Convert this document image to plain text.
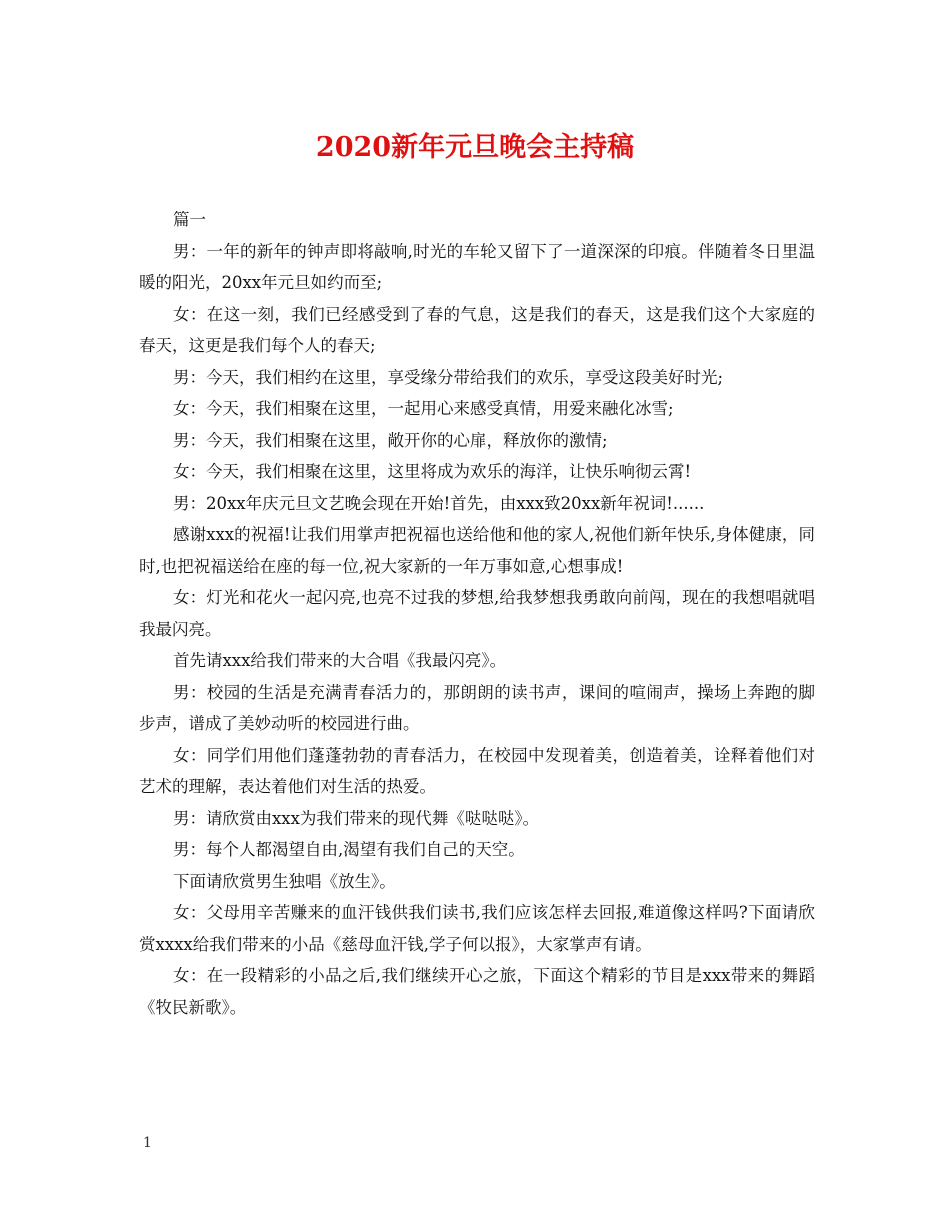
2020新年元旦晚会主持稿

篇一

男：一年的新年的钟声即将敲响,时光的车轮又留下了一道深深的印痕。伴随着冬日里温暖的阳光，20xx年元旦如约而至;

女：在这一刻，我们已经感受到了春的气息，这是我们的春天，这是我们这个大家庭的春天，这更是我们每个人的春天;

男：今天，我们相约在这里，享受缘分带给我们的欢乐，享受这段美好时光;

女：今天，我们相聚在这里，一起用心来感受真情，用爱来融化冰雪;

男：今天，我们相聚在这里，敞开你的心扉，释放你的激情;

女：今天，我们相聚在这里，这里将成为欢乐的海洋，让快乐响彻云霄!

男：20xx年庆元旦文艺晚会现在开始!首先，由xxx致20xx新年祝词!......

感谢xxx的祝福!让我们用掌声把祝福也送给他和他的家人,祝他们新年快乐,身体健康，同时,也把祝福送给在座的每一位,祝大家新的一年万事如意,心想事成!

女：灯光和花火一起闪亮,也亮不过我的梦想,给我梦想我勇敢向前闯，现在的我想唱就唱我最闪亮。

首先请xxx给我们带来的大合唱《我最闪亮》。

男：校园的生活是充满青春活力的，那朗朗的读书声，课间的喧闹声，操场上奔跑的脚步声，谱成了美妙动听的校园进行曲。

女：同学们用他们蓬蓬勃勃的青春活力，在校园中发现着美，创造着美，诠释着他们对艺术的理解，表达着他们对生活的热爱。

男：请欣赏由xxx为我们带来的现代舞《哒哒哒》。

男：每个人都渴望自由,渴望有我们自己的天空。

下面请欣赏男生独唱《放生》。

女：父母用辛苦赚来的血汗钱供我们读书,我们应该怎样去回报,难道像这样吗?下面请欣赏xxxx给我们带来的小品《慈母血汗钱,学子何以报》，大家掌声有请。

女：在一段精彩的小品之后,我们继续开心之旅，下面这个精彩的节目是xxx带来的舞蹈《牧民新歌》。

1
